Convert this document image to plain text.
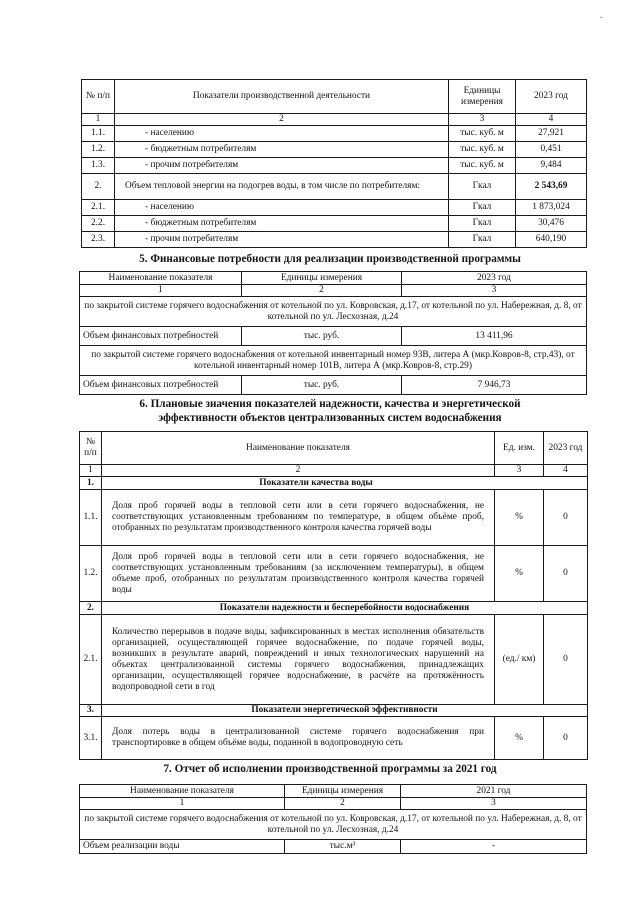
-
№ п/п	Показатели производственной деятельности	Единицы измерения	2023 год
1	2	3	4
1.1.	- населению	тыс. куб. м	27,921
1.2.	- бюджетным потребителям	тыс. куб. м	0,451
1.3.	- прочим потребителям	тыс. куб. м	9,484
2.	Объем тепловой энергии на подогрев воды, в том числе по потребителям:	Гкал	2 543,69
2.1.	- населению	Гкал	1 873,024
2.2.	- бюджетным потребителям	Гкал	30,476
2.3.	- прочим потребителям	Гкал	640,190
5. Финансовые потребности для реализации производственной программы
Наименование показателя	Единицы измерения	2023 год
1	2	3
по закрытой системе горячего водоснабжения от котельной по ул. Ковровская, д.17, от котельной по ул. Набережная, д. 8, от котельной по ул. Лесхозная, д.24		
Объем финансовых потребностей	тыс. руб.	13 411,96
по закрытой системе горячего водоснабжения от котельной инвентарный номер 93В, литера А (мкр.Ковров-8, стр.43), от котельной инвентарный номер 101В, литера А (мкр.Ковров-8, стр.29)		
Объем финансовых потребностей	тыс. руб.	7 946,73
6. Плановые значения показателей надежности, качества и энергетической
эффективности объектов централизованных систем водоснабжения
№ п/п	Наименование показателя	Ед. изм.	2023 год
1	2	3	4
1.	Показатели качества воды		
1.1.	Доля проб горячей воды в тепловой сети или в сети горячего водоснабжения, не соответствующих установленным требованиям по температуре, в общем объёме проб, отобранных по результатам производственного контроля качества горячей воды	%	0
1.2.	Доля проб горячей воды в тепловой сети или в сети горячего водоснабжения, не соответствующих установленным требованиям (за исключением температуры), в общем объеме проб, отобранных по результатам производственного контроля качества горячей воды	%	0
2.	Показатели надежности и бесперебойности водоснабжения		
2.1.	Количество перерывов в подаче воды, зафиксированных в местах исполнения обязательств организацией, осуществляющей горячее водоснабжение, по подаче горячей воды, возникших в результате аварий, повреждений и иных технологических нарушений на объектах централизованной системы горячего водоснабжения, принадлежащих организации, осуществляющей горячее водоснабжение, в расчёте на протяжённость водопроводной сети в год	(ед./ км)	0
3.	Показатели энергетической эффективности		
3.1.	Доля потерь воды в централизованной системе горячего водоснабжения при транспортировке в общем объёме воды, поданной в водопроводную сеть	%	0
7. Отчет об исполнении производственной программы за 2021 год
Наименование показателя	Единицы измерения	2021 год
1	2	3
по закрытой системе горячего водоснабжения от котельной по ул. Ковровская, д.17, от котельной по ул. Набережная, д. 8, от котельной по ул. Лесхозная, д.24		
Объем реализации воды	тыс.м³	-
